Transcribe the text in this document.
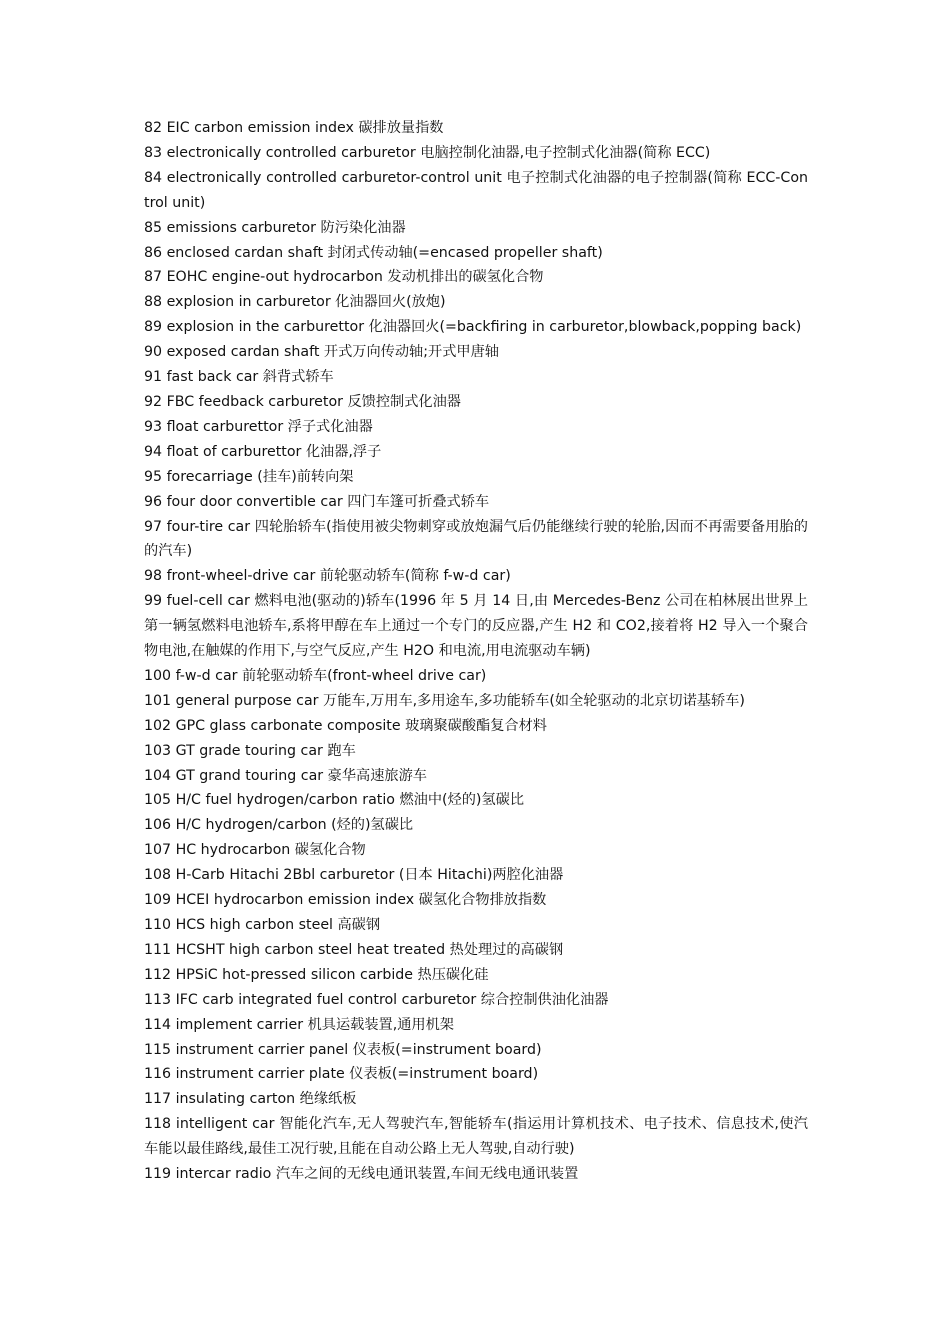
82 EIC carbon emission index 碳排放量指数

83 electronically controlled carburetor 电脑控制化油器,电子控制式化油器(简称 ECC)

84 electronically controlled carburetor-control unit 电子控制式化油器的电子控制器(简称 ECC-Control unit)

85 emissions carburetor 防污染化油器

86 enclosed cardan shaft 封闭式传动轴(=encased propeller shaft)

87 EOHC engine-out hydrocarbon 发动机排出的碳氢化合物

88 explosion in carburetor 化油器回火(放炮)

89 explosion in the carburettor 化油器回火(=backfiring in carburetor,blowback,popping back)

90 exposed cardan shaft 开式万向传动轴;开式甲唐轴

91 fast back car 斜背式轿车

92 FBC feedback carburetor 反馈控制式化油器

93 float carburettor 浮子式化油器

94 float of carburettor 化油器,浮子

95 forecarriage (挂车)前转向架

96 four door convertible car 四门车篷可折叠式轿车

97 four-tire car 四轮胎轿车(指使用被尖物刺穿或放炮漏气后仍能继续行驶的轮胎,因而不再需要备用胎的的汽车)

98 front-wheel-drive car 前轮驱动轿车(简称 f-w-d car)

99 fuel-cell car 燃料电池(驱动的)轿车(1996 年 5 月 14 日,由 Mercedes-Benz 公司在柏林展出世界上第一辆氢燃料电池轿车,系将甲醇在车上通过一个专门的反应器,产生 H2 和 CO2,接着将 H2 导入一个聚合物电池,在触媒的作用下,与空气反应,产生 H2O 和电流,用电流驱动车辆)

100 f-w-d car 前轮驱动轿车(front-wheel drive car)

101 general purpose car 万能车,万用车,多用途车,多功能轿车(如全轮驱动的北京切诺基轿车)

102 GPC glass carbonate composite 玻璃聚碳酸酯复合材料

103 GT grade touring car 跑车

104 GT grand touring car 豪华高速旅游车

105 H/C fuel hydrogen/carbon ratio 燃油中(烃的)氢碳比

106 H/C hydrogen/carbon (烃的)氢碳比

107 HC hydrocarbon 碳氢化合物

108 H-Carb Hitachi 2Bbl carburetor (日本 Hitachi)两腔化油器

109 HCEI hydrocarbon emission index 碳氢化合物排放指数

110 HCS high carbon steel 高碳钢

111 HCSHT high carbon steel heat treated 热处理过的高碳钢

112 HPSiC hot-pressed silicon carbide 热压碳化硅

113 IFC carb integrated fuel control carburetor 综合控制供油化油器

114 implement carrier 机具运载装置,通用机架

115 instrument carrier panel 仪表板(=instrument board)

116 instrument carrier plate 仪表板(=instrument board)

117 insulating carton 绝缘纸板

118 intelligent car 智能化汽车,无人驾驶汽车,智能轿车(指运用计算机技术、电子技术、信息技术,使汽车能以最佳路线,最佳工况行驶,且能在自动公路上无人驾驶,自动行驶)

119 intercar radio 汽车之间的无线电通讯装置,车间无线电通讯装置
